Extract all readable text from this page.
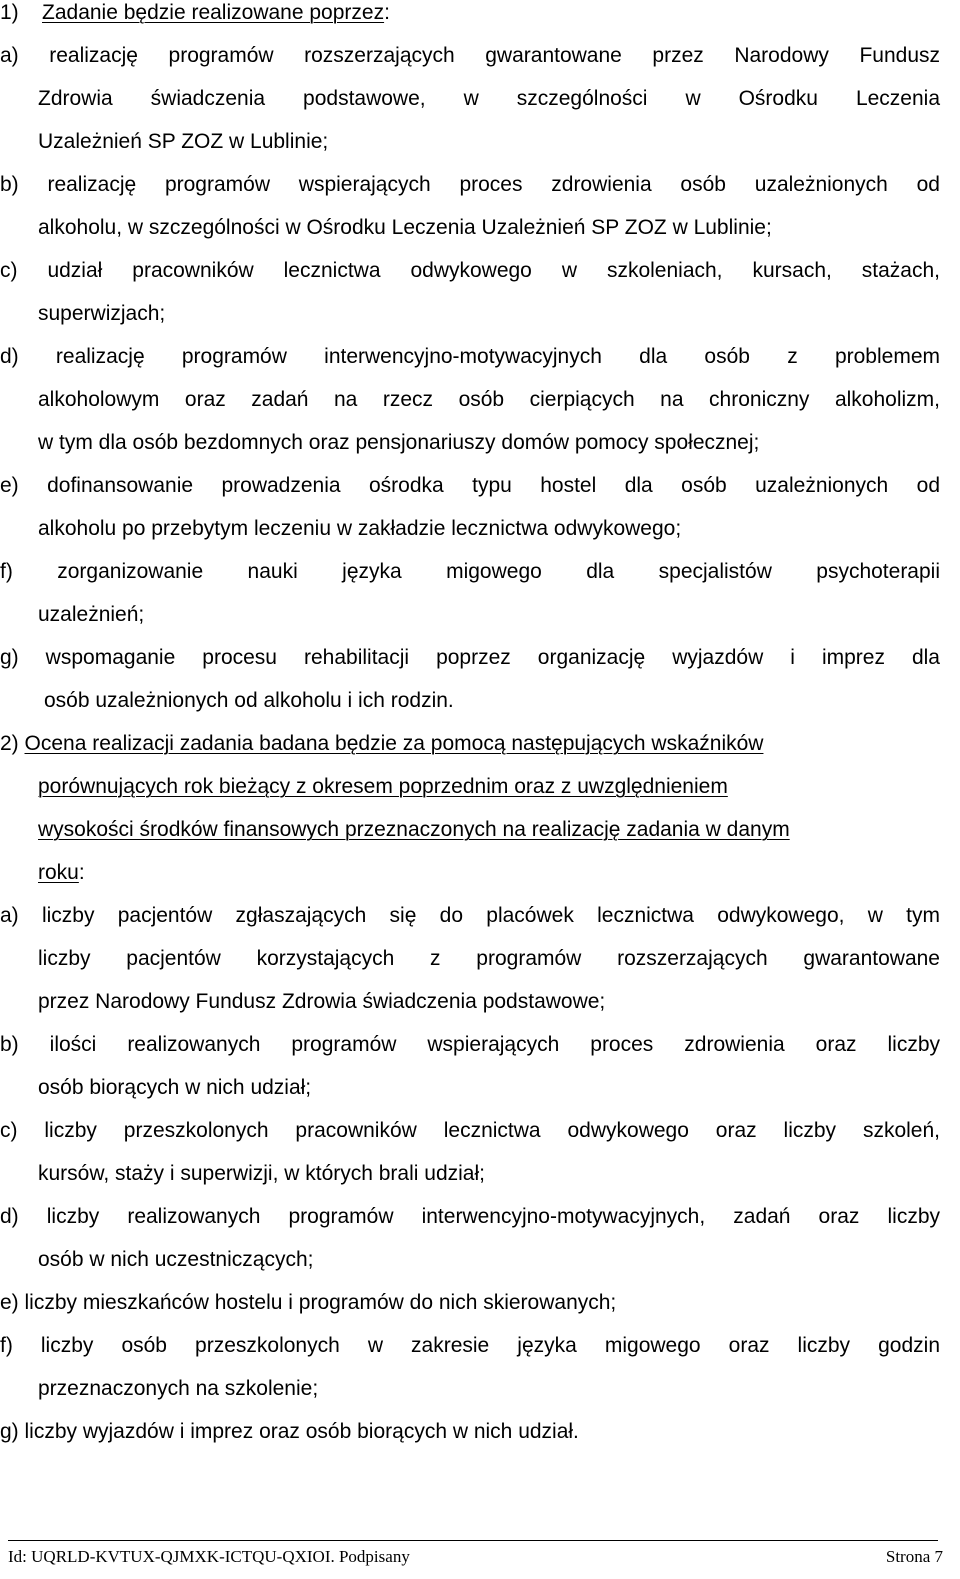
1)    Zadanie będzie realizowane poprzez:
a) realizację programów rozszerzających gwarantowane przez Narodowy Fundusz
Zdrowia świadczenia podstawowe, w szczególności w Ośrodku Leczenia
Uzależnień SP ZOZ w Lublinie;
b) realizację programów wspierających proces zdrowienia osób uzależnionych od
alkoholu, w szczególności w Ośrodku Leczenia Uzależnień SP ZOZ w Lublinie;
c) udział pracowników lecznictwa odwykowego w szkoleniach, kursach, stażach,
superwizjach;
d) realizację programów interwencyjno-motywacyjnych dla osób z problemem
alkoholowym oraz zadań na rzecz osób cierpiących na chroniczny alkoholizm,
w tym dla osób bezdomnych oraz pensjonariuszy domów pomocy społecznej;
e) dofinansowanie prowadzenia ośrodka typu hostel dla osób uzależnionych od
alkoholu po przebytym leczeniu w zakładzie lecznictwa odwykowego;
f) zorganizowanie nauki języka migowego dla specjalistów psychoterapii
uzależnień;
g) wspomaganie procesu rehabilitacji poprzez organizację wyjazdów i imprez dla
osób uzależnionych od alkoholu i ich rodzin.
2) Ocena realizacji zadania badana będzie za pomocą następujących wskaźników
porównujących rok bieżący z okresem poprzednim oraz z uwzględnieniem
wysokości środków finansowych przeznaczonych na realizację zadania w danym
roku:
a) liczby pacjentów zgłaszających się do placówek lecznictwa odwykowego, w tym
liczby pacjentów korzystających z programów rozszerzających gwarantowane
przez Narodowy Fundusz Zdrowia świadczenia podstawowe;
b) ilości realizowanych programów wspierających proces zdrowienia oraz liczby
osób biorących w nich udział;
c) liczby przeszkolonych pracowników lecznictwa odwykowego oraz liczby szkoleń,
kursów, staży i superwizji, w których brali udział;
d) liczby realizowanych programów interwencyjno-motywacyjnych, zadań oraz liczby
osób w nich uczestniczących;
e) liczby mieszkańców hostelu i programów do nich skierowanych;
f) liczby osób przeszkolonych w zakresie języka migowego oraz liczby godzin
przeznaczonych na szkolenie;
g) liczby wyjazdów i imprez oraz osób biorących w nich udział.
Id: UQRLD-KVTUX-QJMXK-ICTQU-QXIOI. Podpisany	Strona 7
